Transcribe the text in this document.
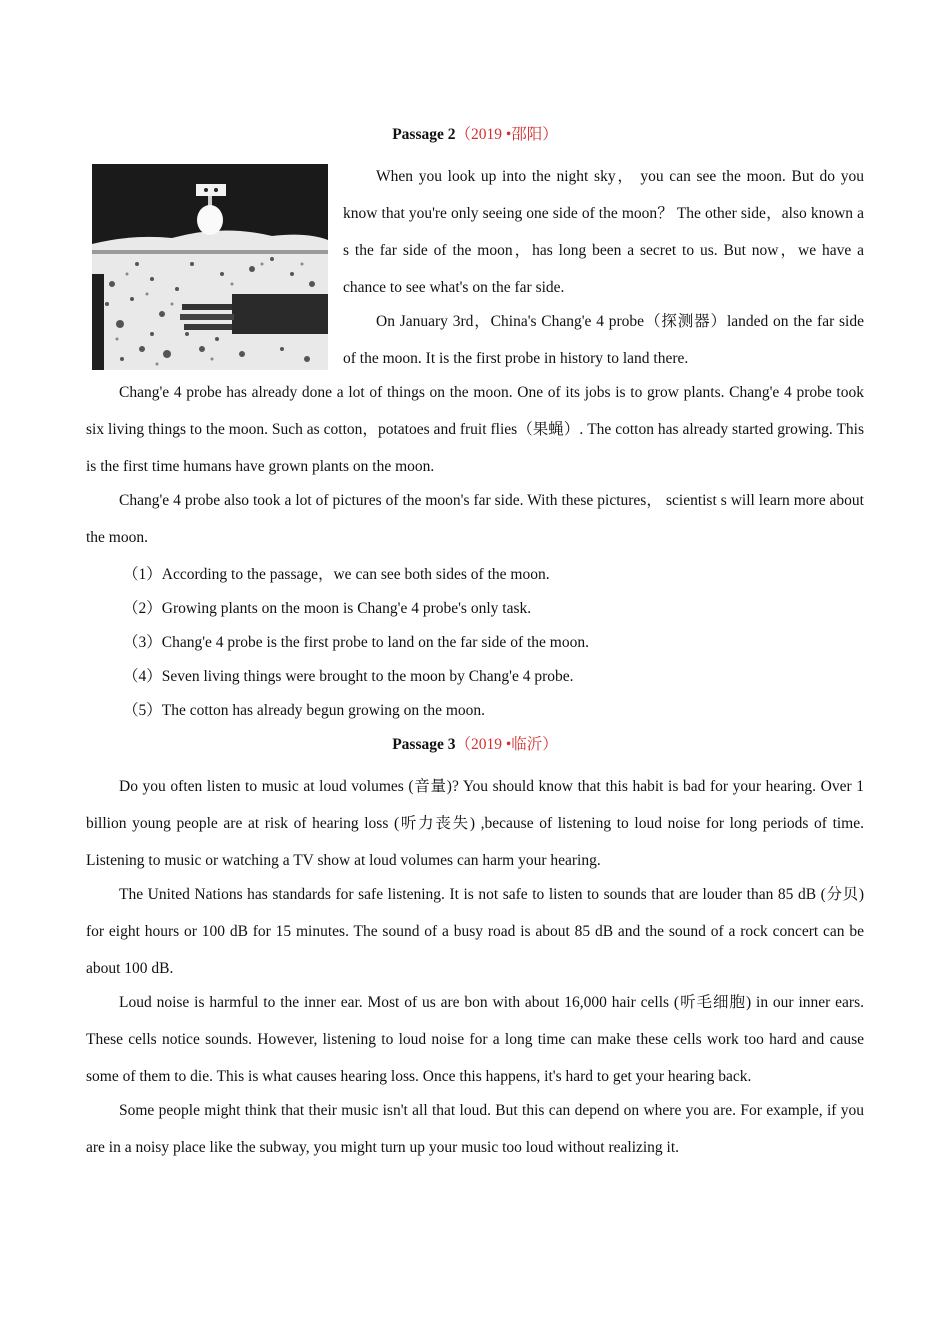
Passage 2（2019 •邵阳）

When you look up into the night sky， you can see the moon. But do you know that you're only seeing one side of the moon？ The other side，also known a s the far side of the moon，has long been a secret to us. But now，we have a chance to see what's on the far side.

On January 3rd，China's Chang'e 4 probe（探测器）landed on the far side of the moon. It is the first probe in history to land there.

Chang'e 4 probe has already done a lot of things on the moon. One of its jobs is to grow plants. Chang'e 4 probe took six living things to the moon. Such as cotton，potatoes and fruit flies（果蝇）. The cotton has already started growing. This is the first time humans have grown plants on the moon.

Chang'e 4 probe also took a lot of pictures of the moon's far side. With these pictures， scientist s will learn more about the moon.

（1）According to the passage，we can see both sides of the moon.
（2）Growing plants on the moon is Chang'e 4 probe's only task.
（3）Chang'e 4 probe is the first probe to land on the far side of the moon.
（4）Seven living things were brought to the moon by Chang'e 4 probe.
（5）The cotton has already begun growing on the moon.
Passage 3（2019 •临沂）

Do you often listen to music at loud volumes (音量)? You should know that this habit is bad for your hearing. Over 1 billion young people are at risk of hearing loss (听力丧失) ,because of listening to loud noise for long periods of time. Listening to music or watching a TV show at loud volumes can harm your hearing.

The United Nations has standards for safe listening. It is not safe to listen to sounds that are louder than 85 dB (分贝) for eight hours or 100 dB for 15 minutes. The sound of a busy road is about 85 dB and the sound of a rock concert can be about 100 dB.

Loud noise is harmful to the inner ear. Most of us are bon with about 16,000 hair cells (听毛细胞) in our inner ears. These cells notice sounds. However, listening to loud noise for a long time can make these cells work too hard and cause some of them to die. This is what causes hearing loss. Once this happens, it's hard to get your hearing back.

Some people might think that their music isn't all that loud. But this can depend on where you are. For example, if you are in a noisy place like the subway, you might turn up your music too loud without realizing it.
